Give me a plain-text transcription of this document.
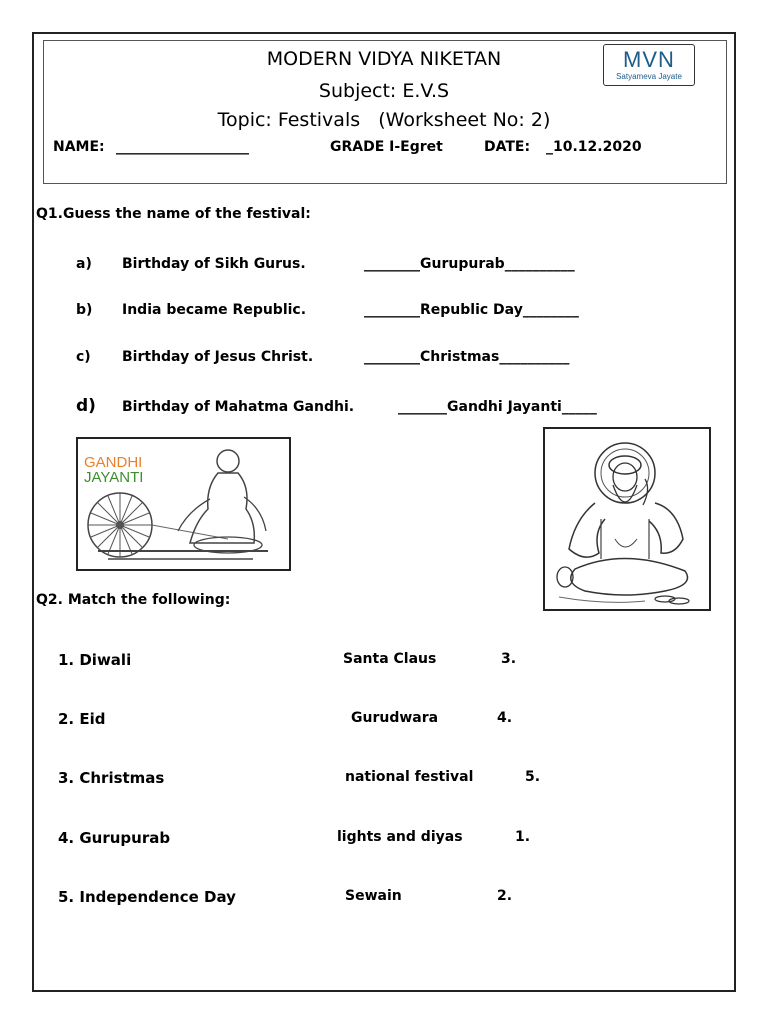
MODERN VIDYA NIKETAN
Subject: E.V.S
Topic: Festivals   (Worksheet No: 2)
NAME: ___________________	GRADE I-Egret	DATE: _10.12.2020
MVN
Satyameva Jayate
Q1.Guess the name of the festival:
a) Birthday of Sikh Gurus.	________Gurupurab__________
b) India became Republic.	________Republic Day________
c) Birthday of Jesus Christ.	________Christmas__________
d) Birthday of Mahatma Gandhi.	_______Gandhi Jayanti_____
GANDHI
JAYANTI
Q2. Match the following:
1. Diwali	Santa Claus	3.
2. Eid	Gurudwara	4.
3. Christmas	national festival	5.
4. Gurupurab	lights and diyas	1.
5. Independence Day	Sewain	2.
